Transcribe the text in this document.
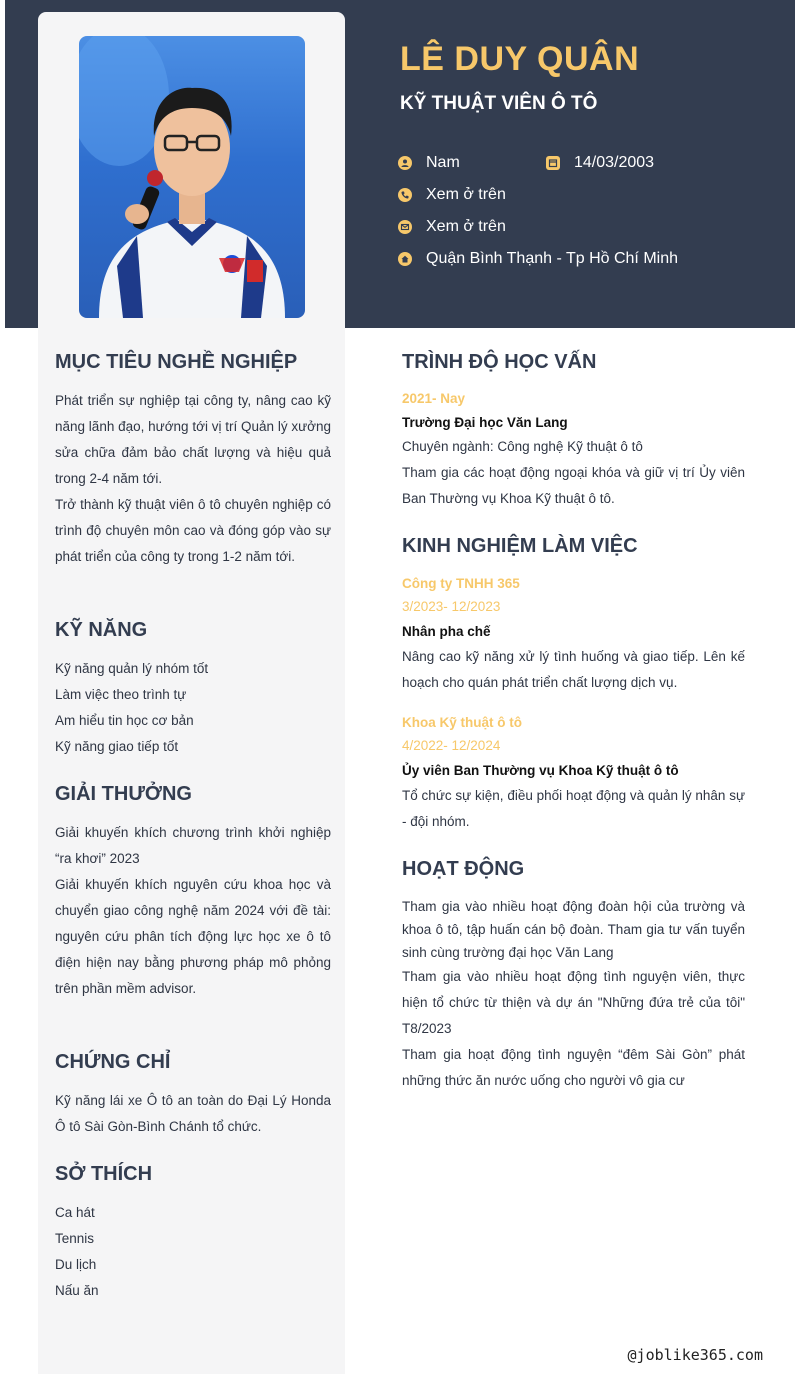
LÊ DUY QUÂN
KỸ THUẬT VIÊN Ô TÔ
Nam	14/03/2003
Xem ở trên
Xem ở trên
Quận Bình Thạnh - Tp Hồ Chí Minh
MỤC TIÊU NGHỀ NGHIỆP

Phát triển sự nghiệp tại công ty, nâng cao kỹ năng lãnh đạo, hướng tới vị trí Quản lý xưởng sửa chữa đảm bảo chất lượng và hiệu quả trong 2-4 năm tới.

Trở thành kỹ thuật viên ô tô chuyên nghiệp có trình độ chuyên môn cao và đóng góp vào sự phát triển của công ty trong 1-2 năm tới.

KỸ NĂNG
Kỹ năng quản lý nhóm tốt
Làm việc theo trình tự
Am hiểu tin học cơ bản
Kỹ năng giao tiếp tốt
GIẢI THƯỞNG

Giải khuyến khích chương trình khởi nghiệp “ra khơi” 2023

Giải khuyến khích nguyên cứu khoa học và chuyển giao công nghệ năm 2024 với đề tài: nguyên cứu phân tích động lực học xe ô tô điện hiện nay bằng phương pháp mô phỏng trên phần mềm advisor.

CHỨNG CHỈ

Kỹ năng lái xe Ô tô an toàn do Đại Lý Honda Ô tô Sài Gòn-Bình Chánh tổ chức.

SỞ THÍCH
Ca hát
Tennis
Du lịch
Nấu ăn
TRÌNH ĐỘ HỌC VẤN
2021- Nay
Trường Đại học Văn Lang
Chuyên ngành: Công nghệ Kỹ thuật ô tô

Tham gia các hoạt động ngoại khóa và giữ vị trí Ủy viên Ban Thường vụ Khoa Kỹ thuật ô tô.

KINH NGHIỆM LÀM VIỆC
Công ty TNHH 365
3/2023- 12/2023
Nhân pha chế

Nâng cao kỹ năng xử lý tình huống và giao tiếp. Lên kế hoạch cho quán phát triển chất lượng dịch vụ.

Khoa Kỹ thuật ô tô
4/2022- 12/2024
Ủy viên Ban Thường vụ Khoa Kỹ thuật ô tô

Tổ chức sự kiện, điều phối hoạt động và quản lý nhân sự - đội nhóm.

HOẠT ĐỘNG

Tham gia vào nhiều hoạt động đoàn hội của trường và khoa ô tô, tập huấn cán bộ đoàn. Tham gia tư vấn tuyển sinh cùng trường đại học Văn Lang

Tham gia vào nhiều hoạt động tình nguyện viên, thực hiện tổ chức từ thiện và dự án "Những đứa trẻ của tôi" T8/2023

Tham gia hoạt động tình nguyện “đêm Sài Gòn” phát những thức ăn nước uống cho người vô gia cư

@joblike365.com
